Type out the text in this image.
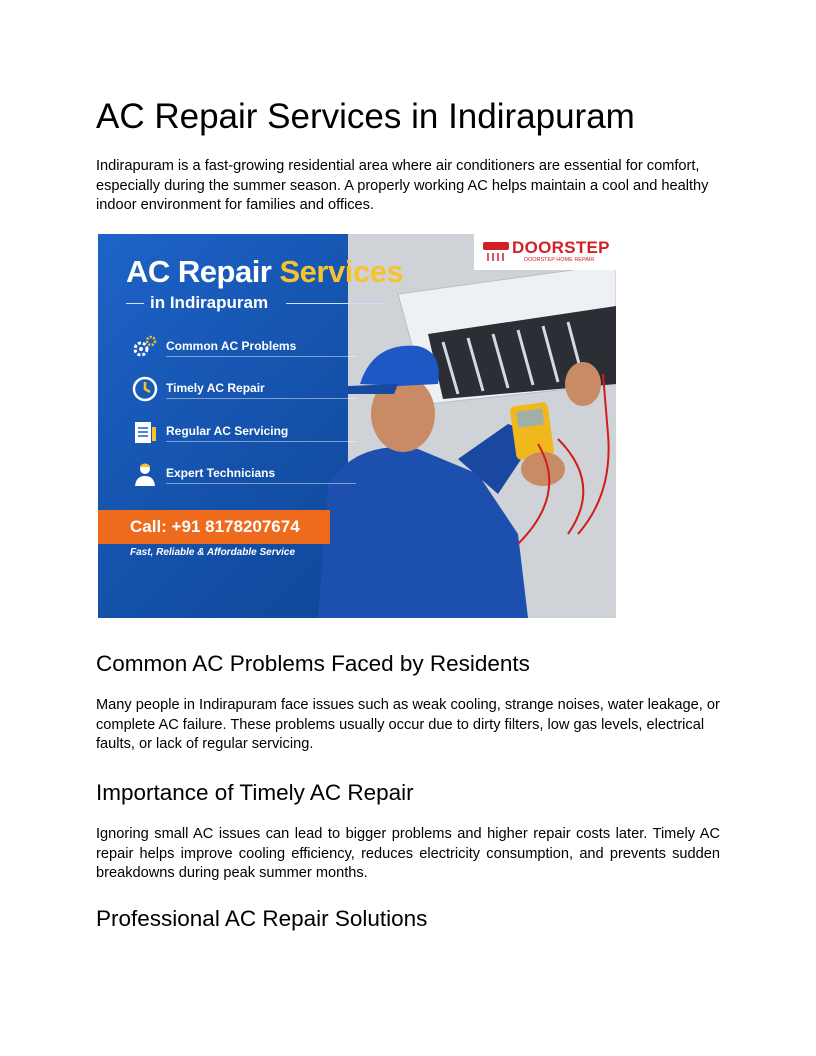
AC Repair Services in Indirapuram

Indirapuram is a fast-growing residential area where air conditioners are essential for comfort, especially during the summer season. A properly working AC helps maintain a cool and healthy indoor environment for families and offices.

AC Repair Services
in Indirapuram
Common AC Problems
Timely AC Repair
Regular AC Servicing
Expert Technicians
Call: +91 8178207674
Fast, Reliable & Affordable Service
DOORSTEP
DOORSTEP HOME REPAIR
Common AC Problems Faced by Residents

Many people in Indirapuram face issues such as weak cooling, strange noises, water leakage, or complete AC failure. These problems usually occur due to dirty filters, low gas levels, electrical faults, or lack of regular servicing.

Importance of Timely AC Repair

Ignoring small AC issues can lead to bigger problems and higher repair costs later. Timely AC repair helps improve cooling efficiency, reduces electricity consumption, and prevents sudden breakdowns during peak summer months.

Professional AC Repair Solutions
